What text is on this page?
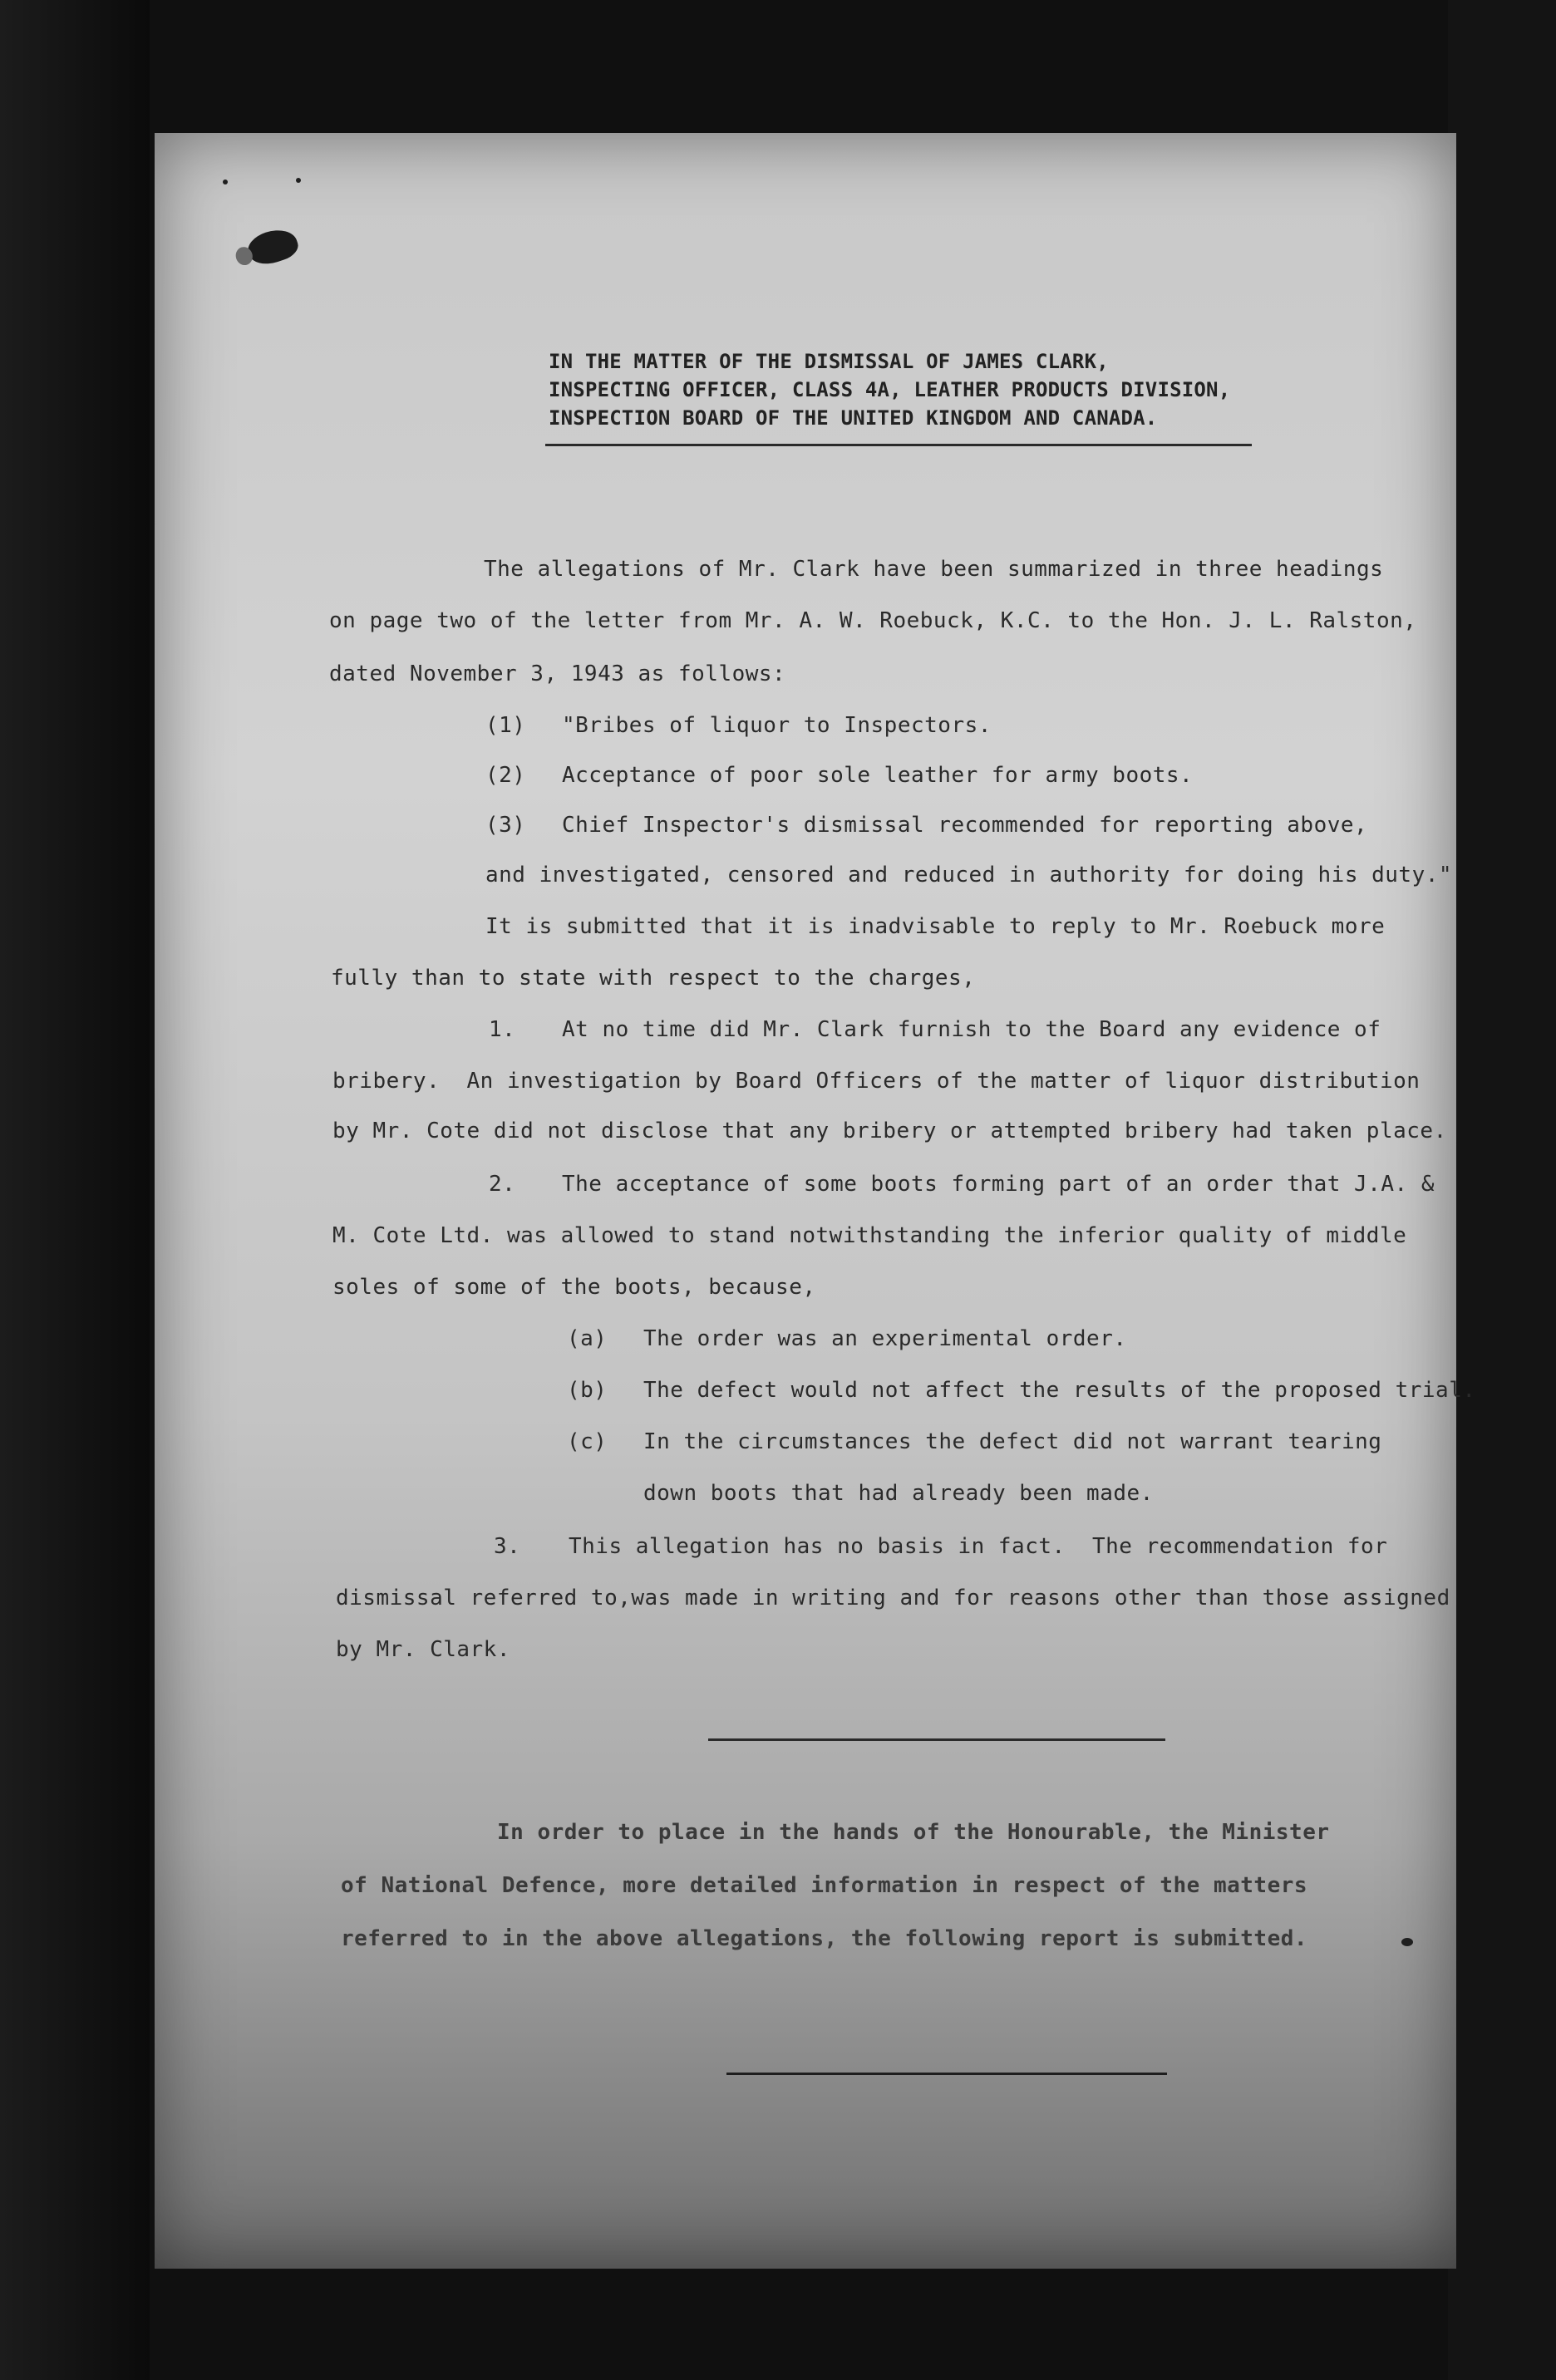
IN THE MATTER OF THE DISMISSAL OF JAMES CLARK,
INSPECTING OFFICER, CLASS 4A, LEATHER PRODUCTS DIVISION,
INSPECTION BOARD OF THE UNITED KINGDOM AND CANADA.
The allegations of Mr. Clark have been summarized in three headings
on page two of the letter from Mr. A. W. Roebuck, K.C. to the Hon. J. L. Ralston,
dated November 3, 1943 as follows:
(1) "Bribes of liquor to Inspectors.
(2) Acceptance of poor sole leather for army boots.
(3) Chief Inspector's dismissal recommended for reporting above,
and investigated, censored and reduced in authority for doing his duty."
It is submitted that it is inadvisable to reply to Mr. Roebuck more
fully than to state with respect to the charges,
1. At no time did Mr. Clark furnish to the Board any evidence of
bribery.  An investigation by Board Officers of the matter of liquor distribution
by Mr. Cote did not disclose that any bribery or attempted bribery had taken place.
2. The acceptance of some boots forming part of an order that J.A. &
M. Cote Ltd. was allowed to stand notwithstanding the inferior quality of middle
soles of some of the boots, because,
(a) The order was an experimental order.
(b) The defect would not affect the results of the proposed trial.
(c) In the circumstances the defect did not warrant tearing
down boots that had already been made.
3. This allegation has no basis in fact.  The recommendation for
dismissal referred to,was made in writing and for reasons other than those assigned
by Mr. Clark.
In order to place in the hands of the Honourable, the Minister
of National Defence, more detailed information in respect of the matters
referred to in the above allegations, the following report is submitted.
